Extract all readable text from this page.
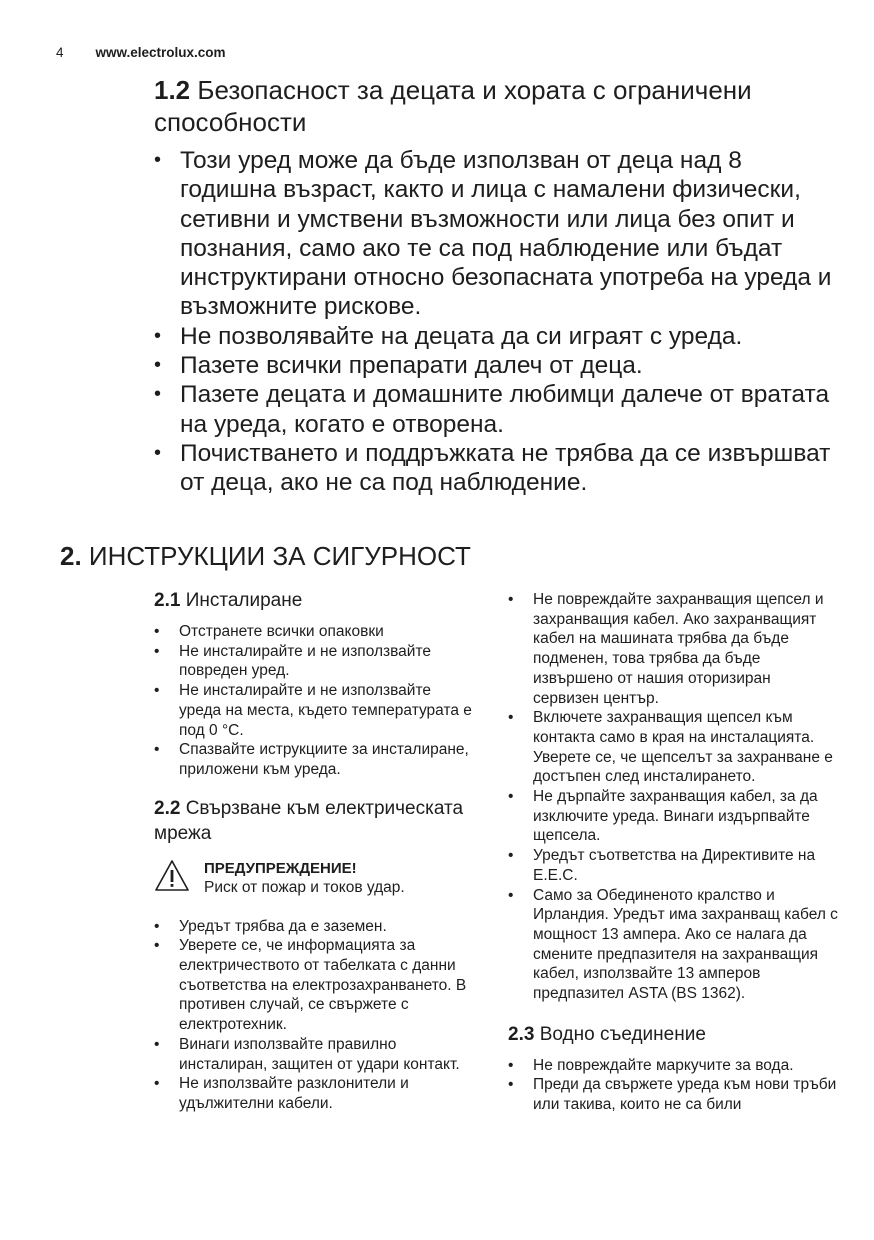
4 www.electrolux.com
1.2 Безопасност за децата и хората с ограничени способности
• Този уред може да бъде използван от деца над 8 годишна възраст, както и лица с намалени физически, сетивни и умствени възможности или лица без опит и познания, само ако те са под наблюдение или бъдат инструктирани относно безопасната употреба на уреда и възможните рискове.
• Не позволявайте на децата да си играят с уреда.
• Пазете всички препарати далеч от деца.
• Пазете децата и домашните любимци далече от вратата на уреда, когато е отворена.
• Почистването и поддръжката не трябва да се извършват от деца, ако не са под наблюдение.
2. ИНСТРУКЦИИ ЗА СИГУРНОСТ
2.1 Инсталиране
• Отстранете всички опаковки
• Не инсталирайте и не използвайте повреден уред.
• Не инсталирайте и не използвайте уреда на места, където температурата е под 0 °C.
• Спазвайте иструкциите за инсталиране, приложени към уреда.
2.2 Свързване към електрическата мрежа
ПРЕДУПРЕЖДЕНИЕ!
Риск от пожар и токов удар.
• Уредът трябва да е заземен.
• Уверете се, че информацията за електричеството от табелката с данни съответства на електрозахранването. В противен случай, се свържете с електротехник.
• Винаги използвайте правилно инсталиран, защитен от удари контакт.
• Не използвайте разклонители и удължителни кабели.
• Не повреждайте захранващия щепсел и захранващия кабел. Ако захранващият кабел на машината трябва да бъде подменен, това трябва да бъде извършено от нашия оторизиран сервизен център.
• Включете захранващия щепсел към контакта само в края на инсталацията. Уверете се, че щепселът за захранване е достъпен след инсталирането.
• Не дърпайте захранващия кабел, за да изключите уреда. Винаги издърпвайте щепсела.
• Уредът съответства на Директивите на Е.Е.С.
• Само за Обединеното кралство и Ирландия. Уредът има захранващ кабел с мощност 13 ампера. Ако се налага да смените предпазителя на захранващия кабел, използвайте 13 амперов предпазител ASTA (BS 1362).
2.3 Водно съединение
• Не повреждайте маркучите за вода.
• Преди да свържете уреда към нови тръби или такива, които не са били
